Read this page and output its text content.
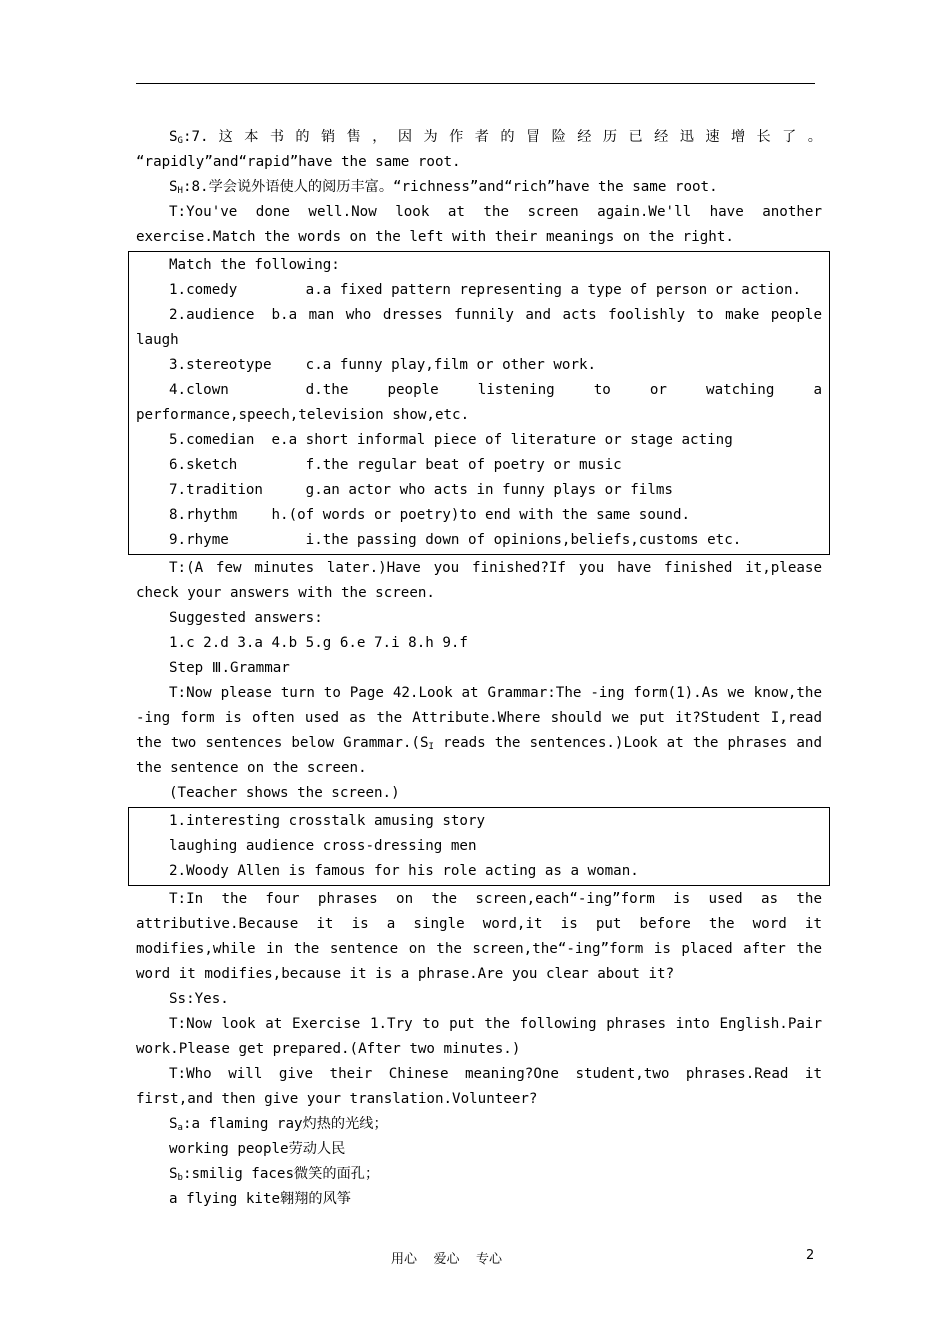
$S_G:7$. 这 本 书 的 销 售 ， 因 为 作 者 的 冒 险 经 历 已 经 迅 速 增 长 了 。

“rapidly”and“rapid”have the same root.

$S_H:8$.学会说外语使人的阅历丰富。“richness”and“rich”have the same root.

T:You've done well.Now look at the screen again.We'll have another exercise.Match the words on the left with their meanings on the right.

Match the following:

1.comedy a.a fixed pattern representing a type of person or action.
2.audience b.a man who dresses funnily and acts foolishly to make people

laugh

3.stereotype c.a funny play,film or other work.
4.clown d.the people listening to or watching a

performance,speech,television show,etc.

5.comedian e.a short informal piece of literature or stage acting
6.sketch f.the regular beat of poetry or music
7.tradition g.an actor who acts in funny plays or films
8.rhythm h.(of words or poetry)to end with the same sound.
9.rhyme i.the passing down of opinions,beliefs,customs etc.

T:(A few minutes later.)Have you finished?If you have finished it,please check your answers with the screen.

Suggested answers:

1.c 2.d 3.a 4.b 5.g 6.e 7.i 8.h 9.f

Step Ⅲ.Grammar

T:Now please turn to Page 42.Look at Grammar:The -ing form(1).As we know,the -ing form is often used as the Attribute.Where should we put it?Student I,read the two sentences below $Grammar.(S_I$ reads the sentences.)Look at the phrases and the sentence on the screen.

(Teacher shows the screen.)

1.interesting crosstalk amusing story

laughing audience cross-dressing men

2.Woody Allen is famous for his role acting as a woman.

T:In the four phrases on the screen,each“-ing”form is used as the attributive.Because it is a single word,it is put before the word it modifies,while in the sentence on the screen,the“-ing”form is placed after the word it modifies,because it is a phrase.Are you clear about it?

Ss:Yes.

T:Now look at Exercise 1.Try to put the following phrases into English.Pair work.Please get prepared.(After two minutes.)

T:Who will give their Chinese meaning?One student,two phrases.Read it first,and then give your translation.Volunteer?

$S_a:a$ flaming ray灼热的光线；

working people劳动人民

$S_b:smilig$ faces微笑的面孔；

a flying kite翱翔的风筝

用心    爱心    专心	2
